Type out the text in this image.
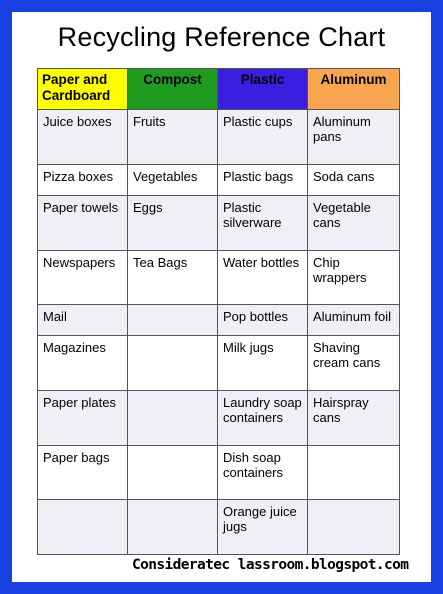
Recycling Reference Chart
Paper and Cardboard	Compost	Plastic	Aluminum
Juice boxes	Fruits	Plastic cups	Aluminum pans
Pizza boxes	Vegetables	Plastic bags	Soda cans
Paper towels	Eggs	Plastic silverware	Vegetable cans
Newspapers	Tea Bags	Water bottles	Chip wrappers
Mail		Pop bottles	Aluminum foil
Magazines		Milk jugs	Shaving cream cans
Paper plates		Laundry soap containers	Hairspray cans
Paper bags		Dish soap containers	
		Orange juice jugs	
Consideratec lassroom.blogspot.com
